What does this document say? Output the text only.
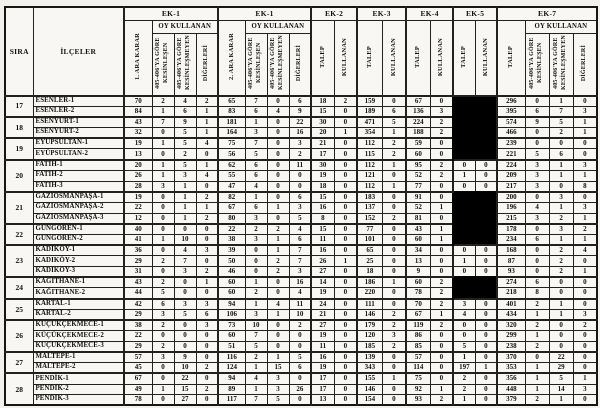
SIRA	İLÇELER	EK-1				EK-1				EK-2		EK-3		EK-4		EK-5		EK-7			
		1. ARA KARAR	OY KULLANAN			2. ARA KARAR	OY KULLANAN			TALEP	KULLANAN	TALEP	KULLANAN	TALEP	KULLANAN	TALEP	KULLANAN	TALEP	OY KULLANAN		
			405-406'YA GÖRE KESİNLEŞEN	405-406'YA GÖRE KESİNLEŞMEYEN	DİĞERLERİ		405-406'YA GÖRE KESİNLEŞEN	405-406'YA GÖRE KESİNLEŞMEYEN	DİĞERLERİ										405-406'YA GÖRE KESİNLEŞEN	405-406'YA GÖRE KESİNLEŞMEYEN	DİĞERLERİ
17	ESENLER-1	70	2	4	2	65	7	0	6	18	2	159	0	67	0			296	0	1	0
	ESENLER-2	84	1	6	1	83	6	4	9	15	0	189	6	136	3			395	6	7	3
18	ESENYURT-1	43	7	9	1	181	1	0	22	30	0	471	5	224	2			574	9	5	1
	ESENYURT-2	32	0	5	1	164	3	0	16	20	1	354	1	188	2			466	0	2	1
19	EYÜPSULTAN-1	19	1	5	4	75	7	0	3	21	0	112	2	59	0			239	0	0	0
	EYÜPSULTAN-2	13	0	2	0	56	5	0	2	17	0	115	2	60	0			221	5	6	0
20	FATİH-1	20	1	5	1	62	6	0	11	30	0	112	1	95	2	0	0	224	3	1	3
	FATİH-2	26	1	3	4	55	6	0	0	19	0	121	0	52	2	1	0	209	3	1	1
	FATİH-3	28	3	1	0	47	4	0	0	18	0	112	1	77	0	0	0	217	3	0	8
21	GAZİOSMANPAŞA-1	19	0	1	2	82	1	0	6	15	0	183	0	91	0			200	0	3	0
	GAZİOSMANPAŞA-2	22	0	1	1	67	6	1	3	16	0	137	0	52	1			196	4	1	3
	GAZİOSMANPAŞA-3	12	0	1	2	80	3	0	5	8	0	152	2	81	0			215	3	2	1
22	GÜNGÖREN-1	40	0	0	0	22	2	2	4	15	0	77	0	43	1			178	0	3	2
	GÜNGÖREN-2	41	1	10	0	38	3	1	6	11	0	101	0	60	1			234	6	1	1
23	KADIKÖY-1	36	0	4	3	39	0	1	7	16	0	65	0	34	0	0	0	168	0	2	4
	KADIKÖY-2	29	2	7	0	50	0	2	7	26	1	25	0	13	0	1	0	87	0	2	0
	KADIKÖY-3	31	0	3	2	46	0	2	3	27	0	18	0	9	0	0	0	93	0	2	1
24	KAĞITHANE-1	43	2	0	1	60	1	0	16	14	0	186	1	60	2			274	6	0	0
	KAĞITHANE-2	44	5	0	0	60	2	0	4	19	0	220	0	78	2			218	8	0	0
25	KARTAL-1	42	6	3	3	94	1	4	11	24	0	111	0	70	2	3	0	401	2	1	0
	KARTAL-2	29	3	5	6	106	3	1	10	21	0	146	2	67	1	4	0	434	1	1	3
26	KÜÇÜKÇEKMECE-1	38	2	0	3	73	10	0	2	27	0	179	2	119	2	0	0	320	2	0	2
	KÜÇÜKÇEKMECE-2	22	0	0	0	60	7	0	0	19	0	120	3	86	0	0	0	299	1	0	0
	KÜÇÜKÇEKMECE-3	29	2	0	0	51	5	0	0	11	0	185	2	85	0	5	0	238	2	0	0
27	MALTEPE-1	57	3	9	0	116	2	1	5	16	0	139	0	57	0	1	0	370	0	22	0
	MALTEPE-2	45	0	10	2	124	1	15	6	19	0	343	0	114	0	197	1	353	1	29	0
28	PENDİK-1	67	0	22	0	94	4	3	0	17	0	155	1	75	0	2	0	356	1	5	1
	PENDİK-2	49	1	15	2	89	1	3	26	17	0	146	0	92	1	2	0	448	1	14	3
	PENDİK-3	78	0	27	0	117	7	5	0	13	0	154	0	93	2	1	0	379	2	1	0
